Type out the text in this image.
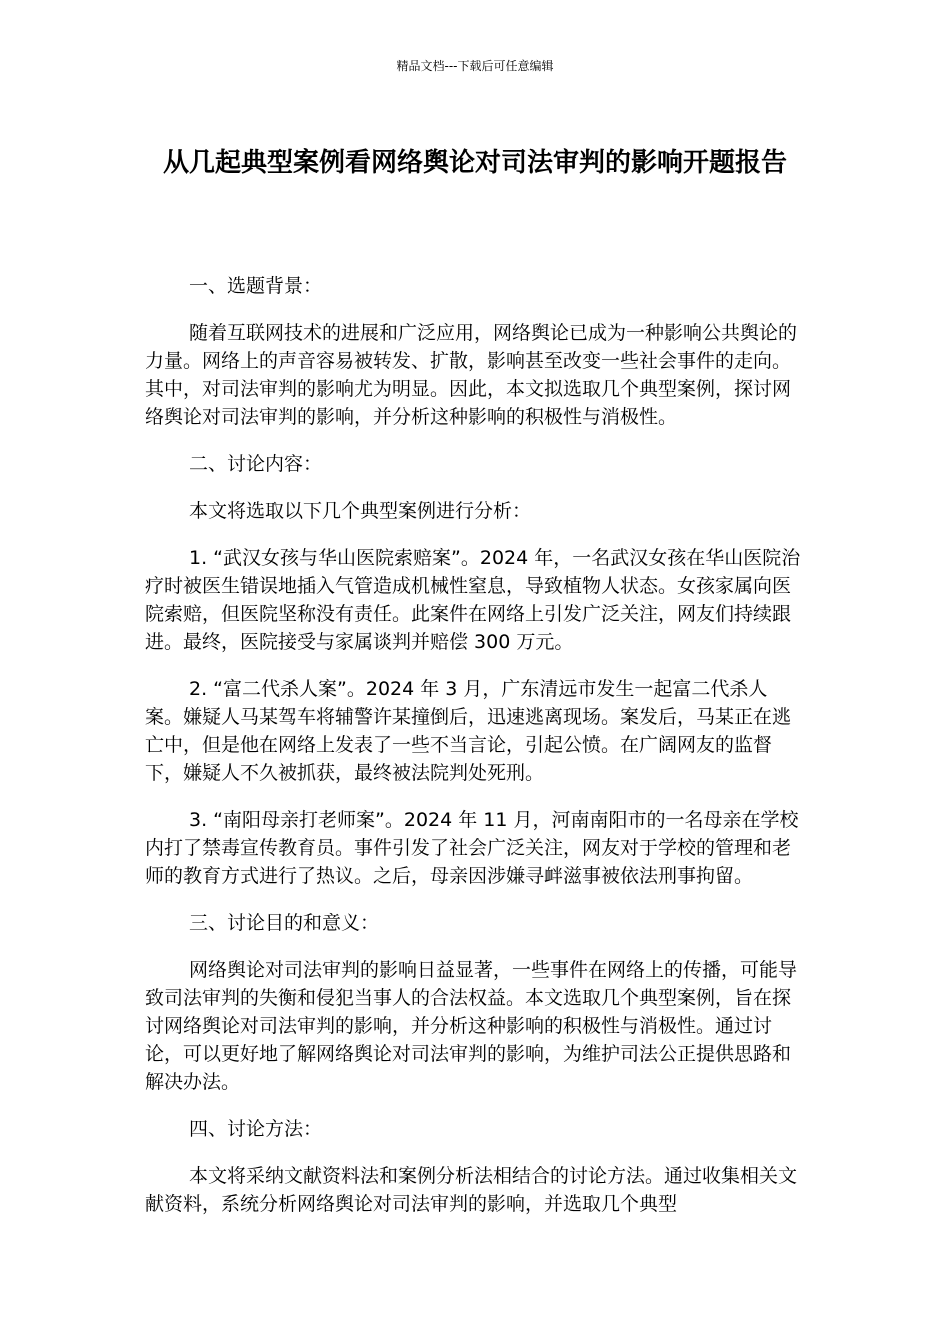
精品文档---下载后可任意编辑
从几起典型案例看网络舆论对司法审判的影响开题报告

一、选题背景：

随着互联网技术的进展和广泛应用，网络舆论已成为一种影响公共舆论的力量。网络上的声音容易被转发、扩散，影响甚至改变一些社会事件的走向。其中，对司法审判的影响尤为明显。因此，本文拟选取几个典型案例，探讨网络舆论对司法审判的影响，并分析这种影响的积极性与消极性。

二、讨论内容：

本文将选取以下几个典型案例进行分析：

1. “武汉女孩与华山医院索赔案”。2024 年，一名武汉女孩在华山医院治疗时被医生错误地插入气管造成机械性窒息，导致植物人状态。女孩家属向医院索赔，但医院坚称没有责任。此案件在网络上引发广泛关注，网友们持续跟进。最终，医院接受与家属谈判并赔偿 300 万元。

2. “富二代杀人案”。2024 年 3 月，广东清远市发生一起富二代杀人案。嫌疑人马某驾车将辅警许某撞倒后，迅速逃离现场。案发后，马某正在逃亡中，但是他在网络上发表了一些不当言论，引起公愤。在广阔网友的监督下，嫌疑人不久被抓获，最终被法院判处死刑。

3. “南阳母亲打老师案”。2024 年 11 月，河南南阳市的一名母亲在学校内打了禁毒宣传教育员。事件引发了社会广泛关注，网友对于学校的管理和老师的教育方式进行了热议。之后，母亲因涉嫌寻衅滋事被依法刑事拘留。

三、讨论目的和意义：

网络舆论对司法审判的影响日益显著，一些事件在网络上的传播，可能导致司法审判的失衡和侵犯当事人的合法权益。本文选取几个典型案例，旨在探讨网络舆论对司法审判的影响，并分析这种影响的积极性与消极性。通过讨论，可以更好地了解网络舆论对司法审判的影响，为维护司法公正提供思路和解决办法。

四、讨论方法：

本文将采纳文献资料法和案例分析法相结合的讨论方法。通过收集相关文献资料，系统分析网络舆论对司法审判的影响，并选取几个典型
